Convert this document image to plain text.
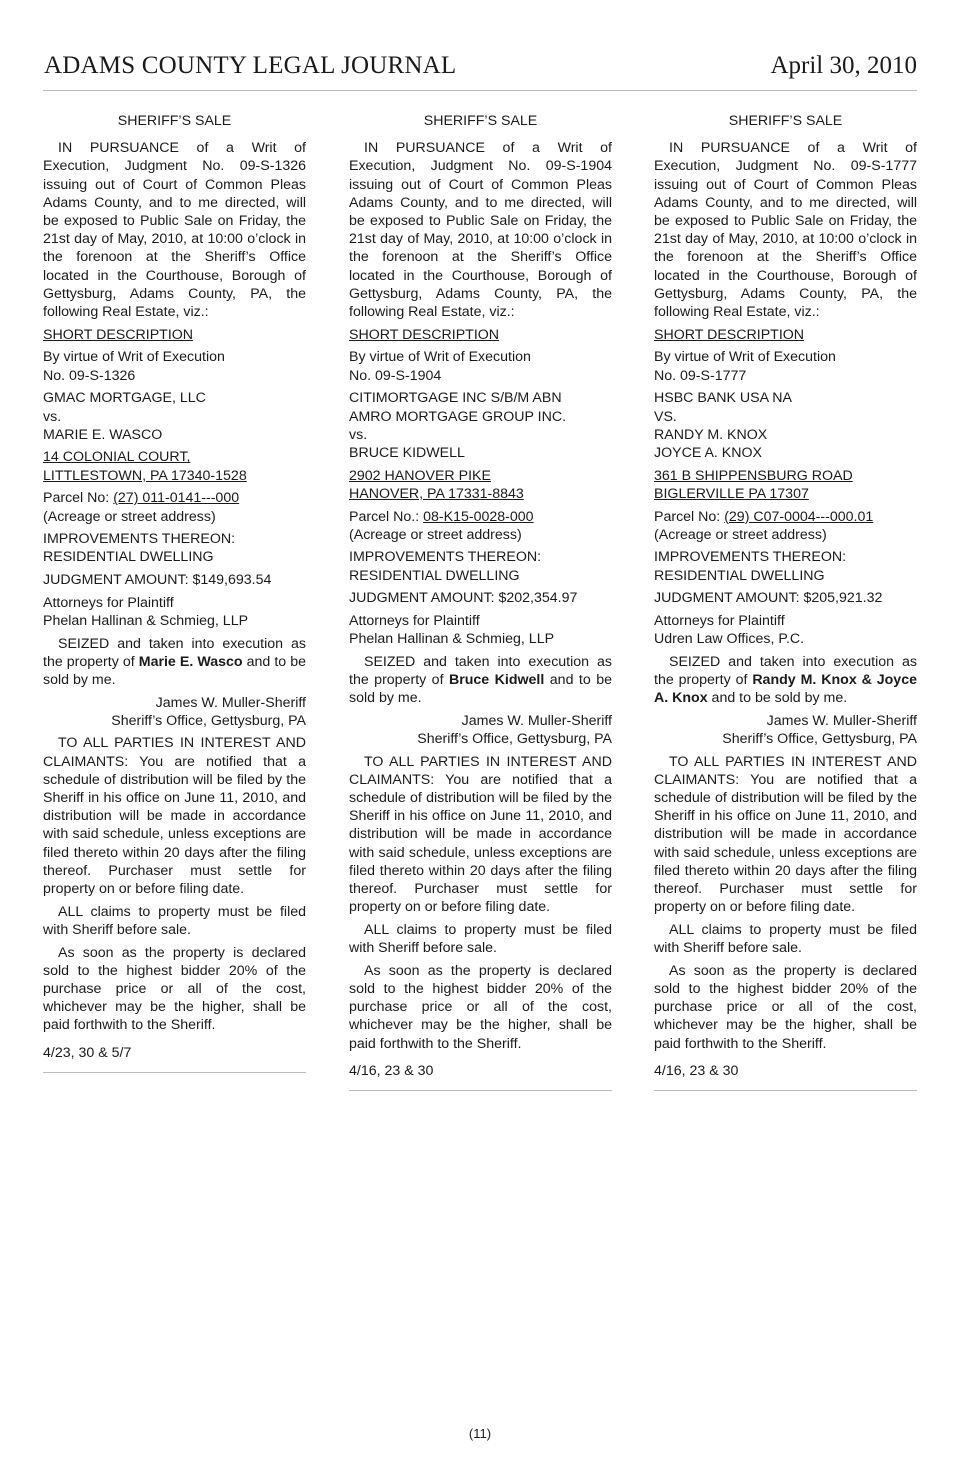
ADAMS COUNTY LEGAL JOURNAL	April 30, 2010
SHERIFF’S SALE

IN PURSUANCE of a Writ of Execution, Judgment No. 09-S-1326 issuing out of Court of Common Pleas Adams County, and to me directed, will be exposed to Public Sale on Friday, the 21st day of May, 2010, at 10:00 o’clock in the forenoon at the Sheriff’s Office located in the Courthouse, Borough of Gettysburg, Adams County, PA, the following Real Estate, viz.:

SHORT DESCRIPTION

By virtue of Writ of Execution
No. 09-S-1326

GMAC MORTGAGE, LLC
vs.
MARIE E. WASCO

14 COLONIAL COURT,
LITTLESTOWN, PA 17340-1528

Parcel No: (27) 011-0141---000
(Acreage or street address)

IMPROVEMENTS THEREON:
RESIDENTIAL DWELLING

JUDGMENT AMOUNT: $149,693.54

Attorneys for Plaintiff
Phelan Hallinan & Schmieg, LLP

SEIZED and taken into execution as the property of Marie E. Wasco and to be sold by me.

James W. Muller-Sheriff
Sheriff’s Office, Gettysburg, PA

TO ALL PARTIES IN INTEREST AND CLAIMANTS: You are notified that a schedule of distribution will be filed by the Sheriff in his office on June 11, 2010, and distribution will be made in accordance with said schedule, unless exceptions are filed thereto within 20 days after the filing thereof. Purchaser must settle for property on or before filing date.

ALL claims to property must be filed with Sheriff before sale.

As soon as the property is declared sold to the highest bidder 20% of the purchase price or all of the cost, whichever may be the higher, shall be paid forthwith to the Sheriff.

4/23, 30 & 5/7

SHERIFF’S SALE

IN PURSUANCE of a Writ of Execution, Judgment No. 09-S-1904 issuing out of Court of Common Pleas Adams County, and to me directed, will be exposed to Public Sale on Friday, the 21st day of May, 2010, at 10:00 o’clock in the forenoon at the Sheriff’s Office located in the Courthouse, Borough of Gettysburg, Adams County, PA, the following Real Estate, viz.:

SHORT DESCRIPTION

By virtue of Writ of Execution
No. 09-S-1904

CITIMORTGAGE INC S/B/M ABN
AMRO MORTGAGE GROUP INC.
vs.
BRUCE KIDWELL

2902 HANOVER PIKE
HANOVER, PA 17331-8843

Parcel No.: 08-K15-0028-000
(Acreage or street address)

IMPROVEMENTS THEREON:
RESIDENTIAL DWELLING

JUDGMENT AMOUNT: $202,354.97

Attorneys for Plaintiff
Phelan Hallinan & Schmieg, LLP

SEIZED and taken into execution as the property of Bruce Kidwell and to be sold by me.

James W. Muller-Sheriff
Sheriff’s Office, Gettysburg, PA

TO ALL PARTIES IN INTEREST AND CLAIMANTS: You are notified that a schedule of distribution will be filed by the Sheriff in his office on June 11, 2010, and distribution will be made in accordance with said schedule, unless exceptions are filed thereto within 20 days after the filing thereof. Purchaser must settle for property on or before filing date.

ALL claims to property must be filed with Sheriff before sale.

As soon as the property is declared sold to the highest bidder 20% of the purchase price or all of the cost, whichever may be the higher, shall be paid forthwith to the Sheriff.

4/16, 23 & 30

SHERIFF’S SALE

IN PURSUANCE of a Writ of Execution, Judgment No. 09-S-1777 issuing out of Court of Common Pleas Adams County, and to me directed, will be exposed to Public Sale on Friday, the 21st day of May, 2010, at 10:00 o’clock in the forenoon at the Sheriff’s Office located in the Courthouse, Borough of Gettysburg, Adams County, PA, the following Real Estate, viz.:

SHORT DESCRIPTION

By virtue of Writ of Execution
No. 09-S-1777

HSBC BANK USA NA
VS.
RANDY M. KNOX
JOYCE A. KNOX

361 B SHIPPENSBURG ROAD
BIGLERVILLE PA 17307

Parcel No: (29) C07-0004---000.01
(Acreage or street address)

IMPROVEMENTS THEREON:
RESIDENTIAL DWELLING

JUDGMENT AMOUNT: $205,921.32

Attorneys for Plaintiff
Udren Law Offices, P.C.

SEIZED and taken into execution as the property of Randy M. Knox & Joyce A. Knox and to be sold by me.

James W. Muller-Sheriff
Sheriff’s Office, Gettysburg, PA

TO ALL PARTIES IN INTEREST AND CLAIMANTS: You are notified that a schedule of distribution will be filed by the Sheriff in his office on June 11, 2010, and distribution will be made in accordance with said schedule, unless exceptions are filed thereto within 20 days after the filing thereof. Purchaser must settle for property on or before filing date.

ALL claims to property must be filed with Sheriff before sale.

As soon as the property is declared sold to the highest bidder 20% of the purchase price or all of the cost, whichever may be the higher, shall be paid forthwith to the Sheriff.

4/16, 23 & 30

(11)
